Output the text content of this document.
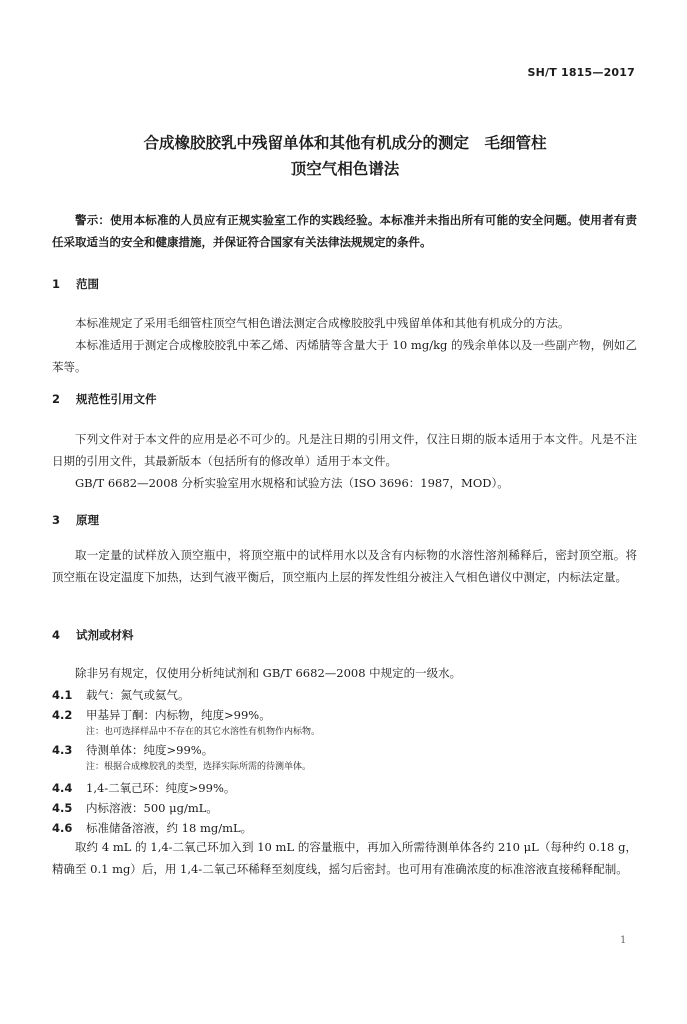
SH/T 1815—2017
合成橡胶胶乳中残留单体和其他有机成分的测定　毛细管柱
顶空气相色谱法

警示：使用本标准的人员应有正规实验室工作的实践经验。本标准并未指出所有可能的安全问题。使用者有责任采取适当的安全和健康措施，并保证符合国家有关法律法规规定的条件。

1 范围

本标准规定了采用毛细管柱顶空气相色谱法测定合成橡胶胶乳中残留单体和其他有机成分的方法。

本标准适用于测定合成橡胶胶乳中苯乙烯、丙烯腈等含量大于 10 mg/kg 的残余单体以及一些副产物，例如乙苯等。

2 规范性引用文件

下列文件对于本文件的应用是必不可少的。凡是注日期的引用文件，仅注日期的版本适用于本文件。凡是不注日期的引用文件，其最新版本（包括所有的修改单）适用于本文件。

GB/T 6682—2008 分析实验室用水规格和试验方法（ISO 3696：1987，MOD）。

3 原理

取一定量的试样放入顶空瓶中，将顶空瓶中的试样用水以及含有内标物的水溶性溶剂稀释后，密封顶空瓶。将顶空瓶在设定温度下加热，达到气液平衡后，顶空瓶内上层的挥发性组分被注入气相色谱仪中测定，内标法定量。

4 试剂或材料

除非另有规定，仅使用分析纯试剂和 GB/T 6682—2008 中规定的一级水。

4.1 载气：氮气或氦气。
4.2 甲基异丁酮：内标物，纯度>99%。
注：也可选择样品中不存在的其它水溶性有机物作内标物。
4.3 待测单体：纯度>99%。
注：根据合成橡胶乳的类型，选择实际所需的待测单体。
4.4 1,4-二氧己环：纯度>99%。
4.5 内标溶液：500 μg/mL。
4.6 标准储备溶液，约 18 mg/mL。

取约 4 mL 的 1,4-二氧己环加入到 10 mL 的容量瓶中，再加入所需待测单体各约 210 μL（每种约 0.18 g，精确至 0.1 mg）后，用 1,4-二氧己环稀释至刻度线，摇匀后密封。也可用有准确浓度的标准溶液直接稀释配制。

1
